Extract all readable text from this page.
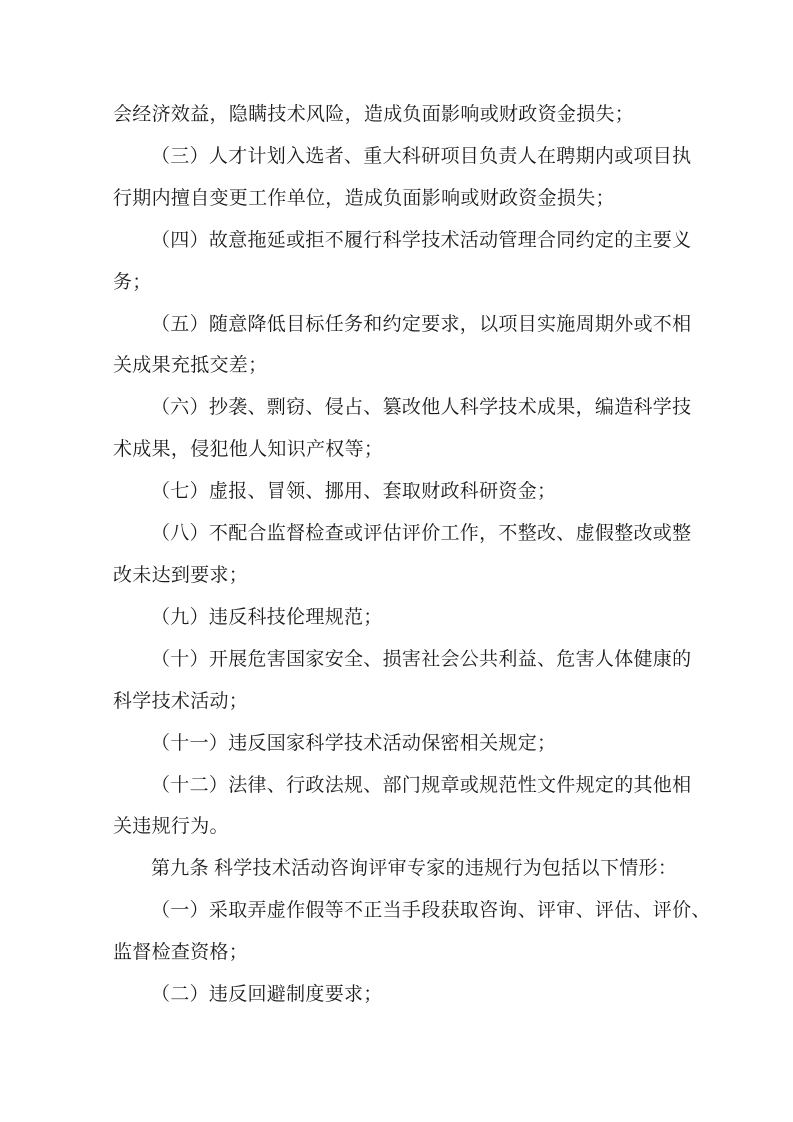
会经济效益，隐瞒技术风险，造成负面影响或财政资金损失；
（三）人才计划入选者、重大科研项目负责人在聘期内或项目执
行期内擅自变更工作单位，造成负面影响或财政资金损失；
（四）故意拖延或拒不履行科学技术活动管理合同约定的主要义
务；
（五）随意降低目标任务和约定要求，以项目实施周期外或不相
关成果充抵交差；
（六）抄袭、剽窃、侵占、篡改他人科学技术成果，编造科学技
术成果，侵犯他人知识产权等；
（七）虚报、冒领、挪用、套取财政科研资金；
（八）不配合监督检查或评估评价工作，不整改、虚假整改或整
改未达到要求；
（九）违反科技伦理规范；
（十）开展危害国家安全、损害社会公共利益、危害人体健康的
科学技术活动；
（十一）违反国家科学技术活动保密相关规定；
（十二）法律、行政法规、部门规章或规范性文件规定的其他相
关违规行为。
第九条 科学技术活动咨询评审专家的违规行为包括以下情形：
（一）采取弄虚作假等不正当手段获取咨询、评审、评估、评价、
监督检查资格；
（二）违反回避制度要求；
